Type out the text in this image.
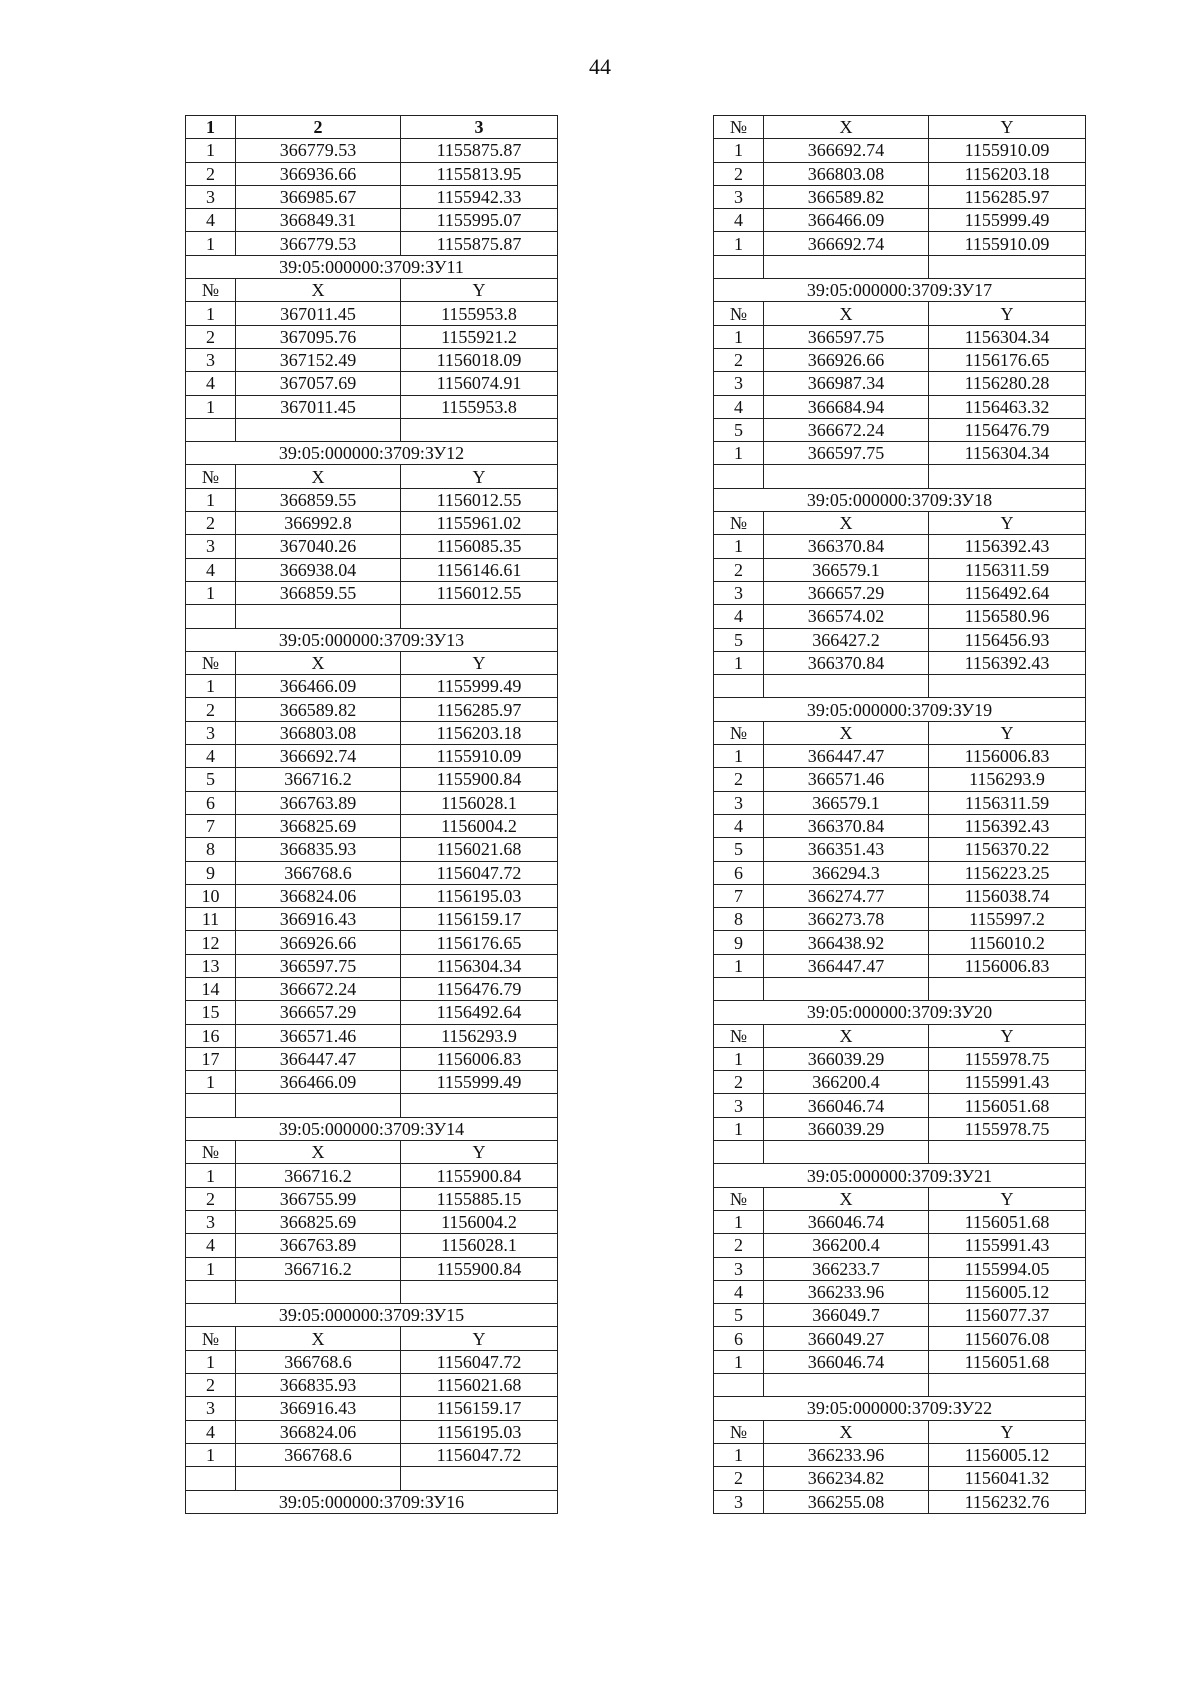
44
1	2	3
1	366779.53	1155875.87
2	366936.66	1155813.95
3	366985.67	1155942.33
4	366849.31	1155995.07
1	366779.53	1155875.87
39:05:000000:3709:ЗУ11		
№	X	Y
1	367011.45	1155953.8
2	367095.76	1155921.2
3	367152.49	1156018.09
4	367057.69	1156074.91
1	367011.45	1155953.8

39:05:000000:3709:ЗУ12		
№	X	Y
1	366859.55	1156012.55
2	366992.8	1155961.02
3	367040.26	1156085.35
4	366938.04	1156146.61
1	366859.55	1156012.55

39:05:000000:3709:ЗУ13		
№	X	Y
1	366466.09	1155999.49
2	366589.82	1156285.97
3	366803.08	1156203.18
4	366692.74	1155910.09
5	366716.2	1155900.84
6	366763.89	1156028.1
7	366825.69	1156004.2
8	366835.93	1156021.68
9	366768.6	1156047.72
10	366824.06	1156195.03
11	366916.43	1156159.17
12	366926.66	1156176.65
13	366597.75	1156304.34
14	366672.24	1156476.79
15	366657.29	1156492.64
16	366571.46	1156293.9
17	366447.47	1156006.83
1	366466.09	1155999.49

39:05:000000:3709:ЗУ14		
№	X	Y
1	366716.2	1155900.84
2	366755.99	1155885.15
3	366825.69	1156004.2
4	366763.89	1156028.1
1	366716.2	1155900.84

39:05:000000:3709:ЗУ15		
№	X	Y
1	366768.6	1156047.72
2	366835.93	1156021.68
3	366916.43	1156159.17
4	366824.06	1156195.03
1	366768.6	1156047.72

39:05:000000:3709:ЗУ16		
№	X	Y
1	366692.74	1155910.09
2	366803.08	1156203.18
3	366589.82	1156285.97
4	366466.09	1155999.49
1	366692.74	1155910.09

39:05:000000:3709:ЗУ17		
№	X	Y
1	366597.75	1156304.34
2	366926.66	1156176.65
3	366987.34	1156280.28
4	366684.94	1156463.32
5	366672.24	1156476.79
1	366597.75	1156304.34

39:05:000000:3709:ЗУ18		
№	X	Y
1	366370.84	1156392.43
2	366579.1	1156311.59
3	366657.29	1156492.64
4	366574.02	1156580.96
5	366427.2	1156456.93
1	366370.84	1156392.43

39:05:000000:3709:ЗУ19		
№	X	Y
1	366447.47	1156006.83
2	366571.46	1156293.9
3	366579.1	1156311.59
4	366370.84	1156392.43
5	366351.43	1156370.22
6	366294.3	1156223.25
7	366274.77	1156038.74
8	366273.78	1155997.2
9	366438.92	1156010.2
1	366447.47	1156006.83

39:05:000000:3709:ЗУ20		
№	X	Y
1	366039.29	1155978.75
2	366200.4	1155991.43
3	366046.74	1156051.68
1	366039.29	1155978.75

39:05:000000:3709:ЗУ21		
№	X	Y
1	366046.74	1156051.68
2	366200.4	1155991.43
3	366233.7	1155994.05
4	366233.96	1156005.12
5	366049.7	1156077.37
6	366049.27	1156076.08
1	366046.74	1156051.68

39:05:000000:3709:ЗУ22		
№	X	Y
1	366233.96	1156005.12
2	366234.82	1156041.32
3	366255.08	1156232.76
